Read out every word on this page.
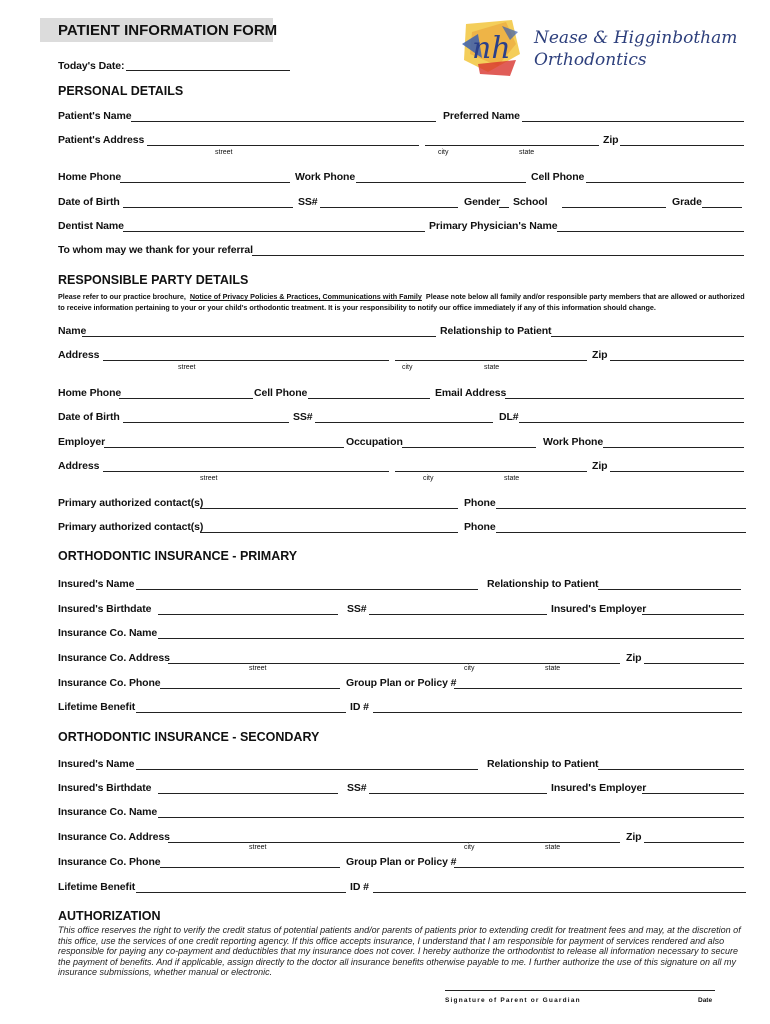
PATIENT INFORMATION FORM
Today's Date:	nh Nease & Higginbotham
Orthodontics
PERSONAL DETAILS
Patient's Name	Preferred Name
Patient's Address	Zip
street	city	state
Home Phone	Work Phone	Cell Phone
Date of Birth	SS#	Gender School	Grade
Dentist Name	Primary Physician's Name
To whom may we thank for your referral
RESPONSIBLE PARTY DETAILS
Please refer to our practice brochure, Notice of Privacy Policies & Practices, Communications with Family Please note below all family and/or responsible party members that are allowed or authorized to receive information pertaining to your or your child's orthodontic treatment. It is your responsibility to notify our office immediately if any of this information should change.
Name	Relationship to Patient
Address	Zip
street	city	state
Home Phone	Cell Phone	Email Address
Date of Birth	SS#	DL#
Employer	Occupation	Work Phone
Address	Zip
street	city	state
Primary authorized contact(s)	Phone
Primary authorized contact(s)	Phone
ORTHODONTIC INSURANCE - PRIMARY
Insured's Name	Relationship to Patient
Insured's Birthdate	SS#	Insured's Employer
Insurance Co. Name
Insurance Co. Address	Zip
street	city	state
Insurance Co. Phone	Group Plan or Policy #
Lifetime Benefit	ID #
ORTHODONTIC INSURANCE - SECONDARY
Insured's Name	Relationship to Patient
Insured's Birthdate	SS#	Insured's Employer
Insurance Co. Name
Insurance Co. Address	Zip
street	city	state
Insurance Co. Phone	Group Plan or Policy #
Lifetime Benefit	ID #
AUTHORIZATION
This office reserves the right to verify the credit status of potential patients and/or parents of patients prior to extending credit for treatment fees and may, at the discretion of this office, use the services of one credit reporting agency. If this office accepts insurance, I understand that I am responsible for payment of services rendered and also responsible for paying any co-payment and deductibles that my insurance does not cover. I hereby authorize the orthodontist to release all information necessary to secure the payment of benefits. And if applicable, assign directly to the doctor all insurance benefits otherwise payable to me. I further authorize the use of this signature on all my insurance submissions, whether manual or electronic.
Signature of Parent or Guardian	Date
